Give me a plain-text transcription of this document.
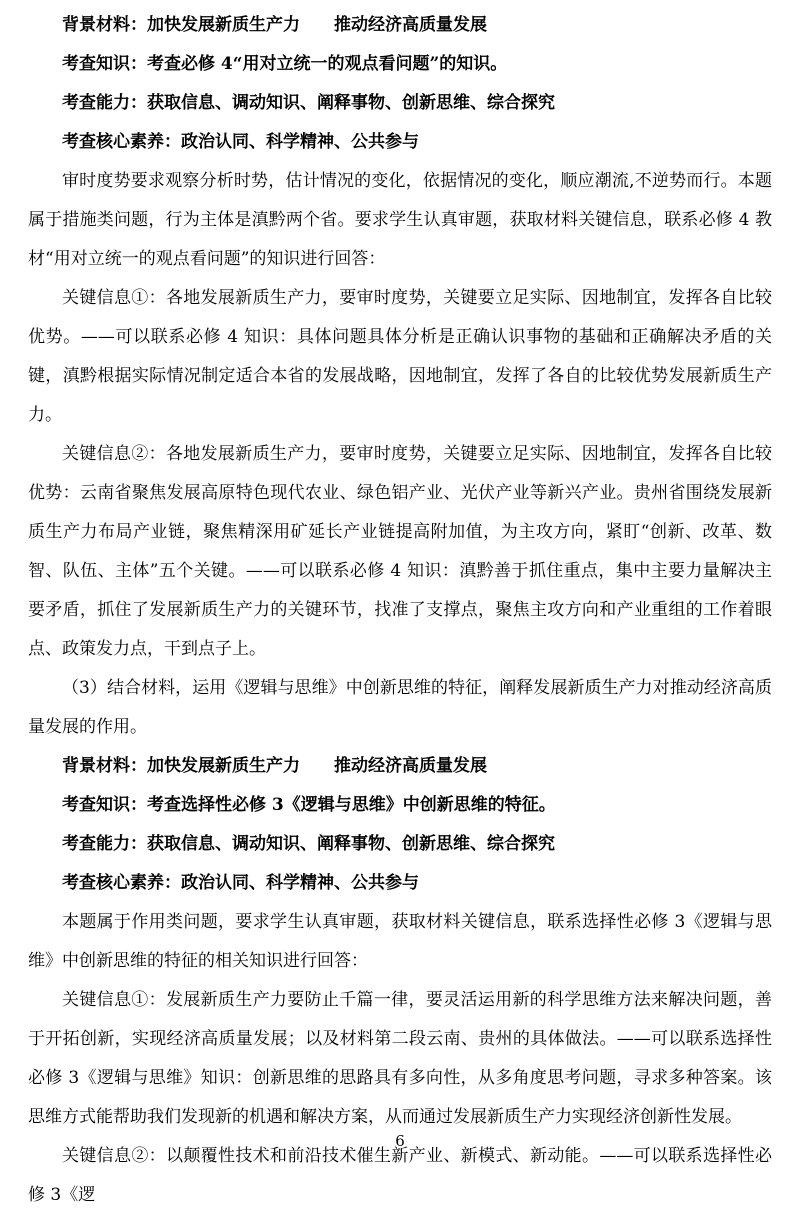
背景材料：加快发展新质生产力　　推动经济高质量发展

考查知识：考查必修 4“用对立统一的观点看问题”的知识。

考查能力：获取信息、调动知识、阐释事物、创新思维、综合探究

考查核心素养：政治认同、科学精神、公共参与

审时度势要求观察分析时势，估计情况的变化，依据情况的变化，顺应潮流,不逆势而行。本题属于措施类问题，行为主体是滇黔两个省。要求学生认真审题，获取材料关键信息，联系必修 4 教材“用对立统一的观点看问题”的知识进行回答：

关键信息①：各地发展新质生产力，要审时度势，关键要立足实际、因地制宜，发挥各自比较优势。——可以联系必修 4 知识：具体问题具体分析是正确认识事物的基础和正确解决矛盾的关键，滇黔根据实际情况制定适合本省的发展战略，因地制宜，发挥了各自的比较优势发展新质生产力。

关键信息②：各地发展新质生产力，要审时度势，关键要立足实际、因地制宜，发挥各自比较优势：云南省聚焦发展高原特色现代农业、绿色铝产业、光伏产业等新兴产业。贵州省围绕发展新质生产力布局产业链，聚焦精深用矿延长产业链提高附加值，为主攻方向，紧盯“创新、改革、数智、队伍、主体”五个关键。——可以联系必修 4 知识：滇黔善于抓住重点，集中主要力量解决主要矛盾，抓住了发展新质生产力的关键环节，找准了支撑点，聚焦主攻方向和产业重组的工作着眼点、政策发力点，干到点子上。

（3）结合材料，运用《逻辑与思维》中创新思维的特征，阐释发展新质生产力对推动经济高质量发展的作用。

背景材料：加快发展新质生产力　　推动经济高质量发展

考查知识：考查选择性必修 3《逻辑与思维》中创新思维的特征。

考查能力：获取信息、调动知识、阐释事物、创新思维、综合探究

考查核心素养：政治认同、科学精神、公共参与

本题属于作用类问题，要求学生认真审题，获取材料关键信息，联系选择性必修 3《逻辑与思维》中创新思维的特征的相关知识进行回答：

关键信息①：发展新质生产力要防止千篇一律，要灵活运用新的科学思维方法来解决问题，善于开拓创新，实现经济高质量发展；以及材料第二段云南、贵州的具体做法。——可以联系选择性必修 3《逻辑与思维》知识：创新思维的思路具有多向性，从多角度思考问题，寻求多种答案。该思维方式能帮助我们发现新的机遇和解决方案，从而通过发展新质生产力实现经济创新性发展。

关键信息②：以颠覆性技术和前沿技术催生新产业、新模式、新动能。——可以联系选择性必修 3《逻

6
